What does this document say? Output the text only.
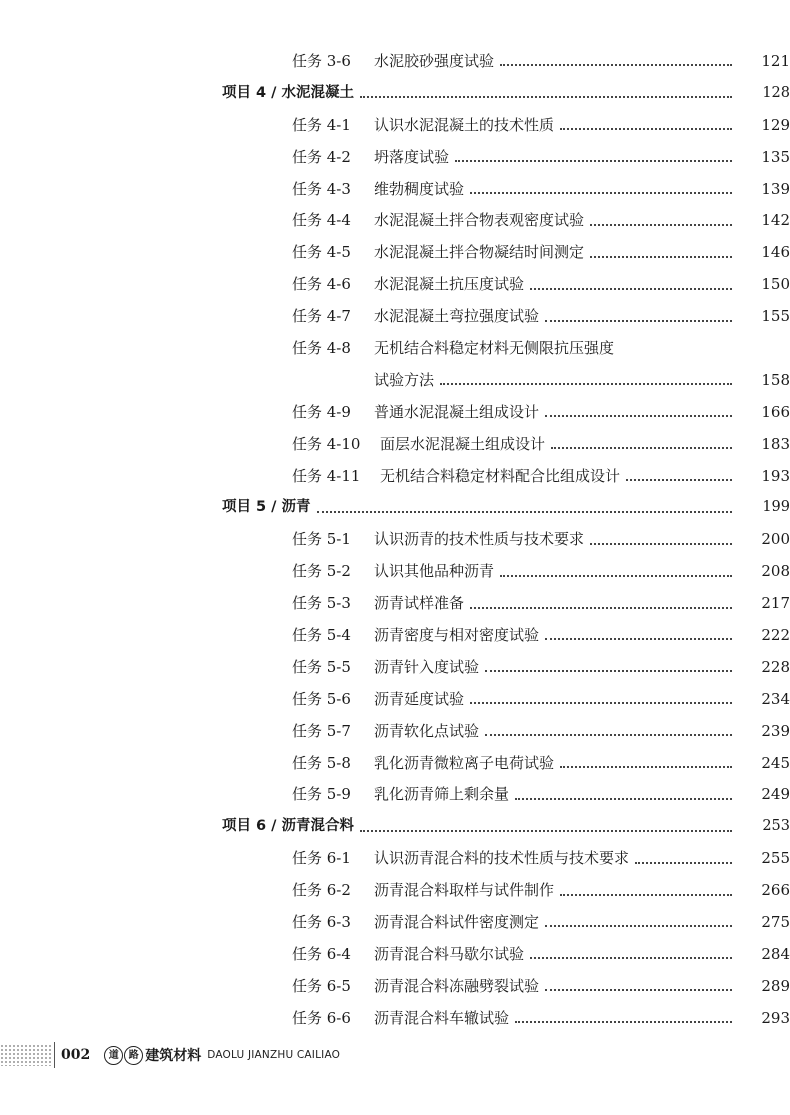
任务 3-6	水泥胶砂强度试验	121
项目 4 / 水泥混凝土	128
任务 4-1	认识水泥混凝土的技术性质	129
任务 4-2	坍落度试验	135
任务 4-3	维勃稠度试验	139
任务 4-4	水泥混凝土拌合物表观密度试验	142
任务 4-5	水泥混凝土拌合物凝结时间测定	146
任务 4-6	水泥混凝土抗压度试验	150
任务 4-7	水泥混凝土弯拉强度试验	155
任务 4-8	无机结合料稳定材料无侧限抗压强度
试验方法	158
任务 4-9	普通水泥混凝土组成设计	166
任务 4-10	面层水泥混凝土组成设计	183
任务 4-11	无机结合料稳定材料配合比组成设计	193
项目 5 / 沥青	199
任务 5-1	认识沥青的技术性质与技术要求	200
任务 5-2	认识其他品种沥青	208
任务 5-3	沥青试样准备	217
任务 5-4	沥青密度与相对密度试验	222
任务 5-5	沥青针入度试验	228
任务 5-6	沥青延度试验	234
任务 5-7	沥青软化点试验	239
任务 5-8	乳化沥青微粒离子电荷试验	245
任务 5-9	乳化沥青筛上剩余量	249
项目 6 / 沥青混合料	253
任务 6-1	认识沥青混合料的技术性质与技术要求	255
任务 6-2	沥青混合料取样与试件制作	266
任务 6-3	沥青混合料试件密度测定	275
任务 6-4	沥青混合料马歇尔试验	284
任务 6-5	沥青混合料冻融劈裂试验	289
任务 6-6	沥青混合料车辙试验	293
002	道	路 建筑材料 DAOLU JIANZHU CAILIAO
